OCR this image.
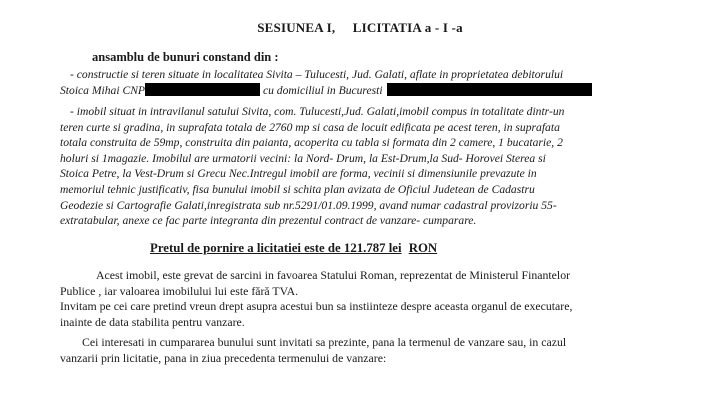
SESIUNEA I, LICITATIA a - I -a
ansamblu de bunuri constand din :
- constructie si teren situate in localitatea Sivita – Tulucesti, Jud. Galati, aflate in proprietatea debitorului
Stoica Mihai CNP	cu domiciliul in Bucuresti
- imobil situat in intravilanul satului Sivita, com. Tulucesti,Jud. Galati,imobil compus in totalitate dintr-un
teren curte si gradina, in suprafata totala de 2760 mp si casa de locuit edificata pe acest teren, in suprafata
totala construita de 59mp, construita din paianta, acoperita cu tabla si formata din 2 camere, 1 bucatarie, 2
holuri si 1magazie. Imobilul are urmatorii vecini: la Nord- Drum, la Est-Drum,la Sud- Horovei Sterea si
Stoica Petre, la Vest-Drum si Grecu Nec.Intregul imobil are forma, vecinii si dimensiunile prevazute in
memoriul tehnic justificativ, fisa bunului imobil si schita plan avizata de Oficiul Judetean de Cadastru
Geodezie si Cartografie Galati,inregistrata sub nr.5291/01.09.1999, avand numar cadastral provizoriu 55-
extratabular, anexe ce fac parte integranta din prezentul contract de vanzare- cumparare.
Pretul de pornire a licitatiei este de 121.787 lei RON
Acest imobil, este grevat de sarcini in favoarea Statului Roman, reprezentat de Ministerul Finantelor
Publice , iar valoarea imobilului lui este fără TVA.
Invitam pe cei care pretind vreun drept asupra acestui bun sa instiinteze despre aceasta organul de executare,
inainte de data stabilita pentru vanzare.
Cei interesati in cumpararea bunului sunt invitati sa prezinte, pana la termenul de vanzare sau, in cazul
vanzarii prin licitatie, pana in ziua precedenta termenului de vanzare:
